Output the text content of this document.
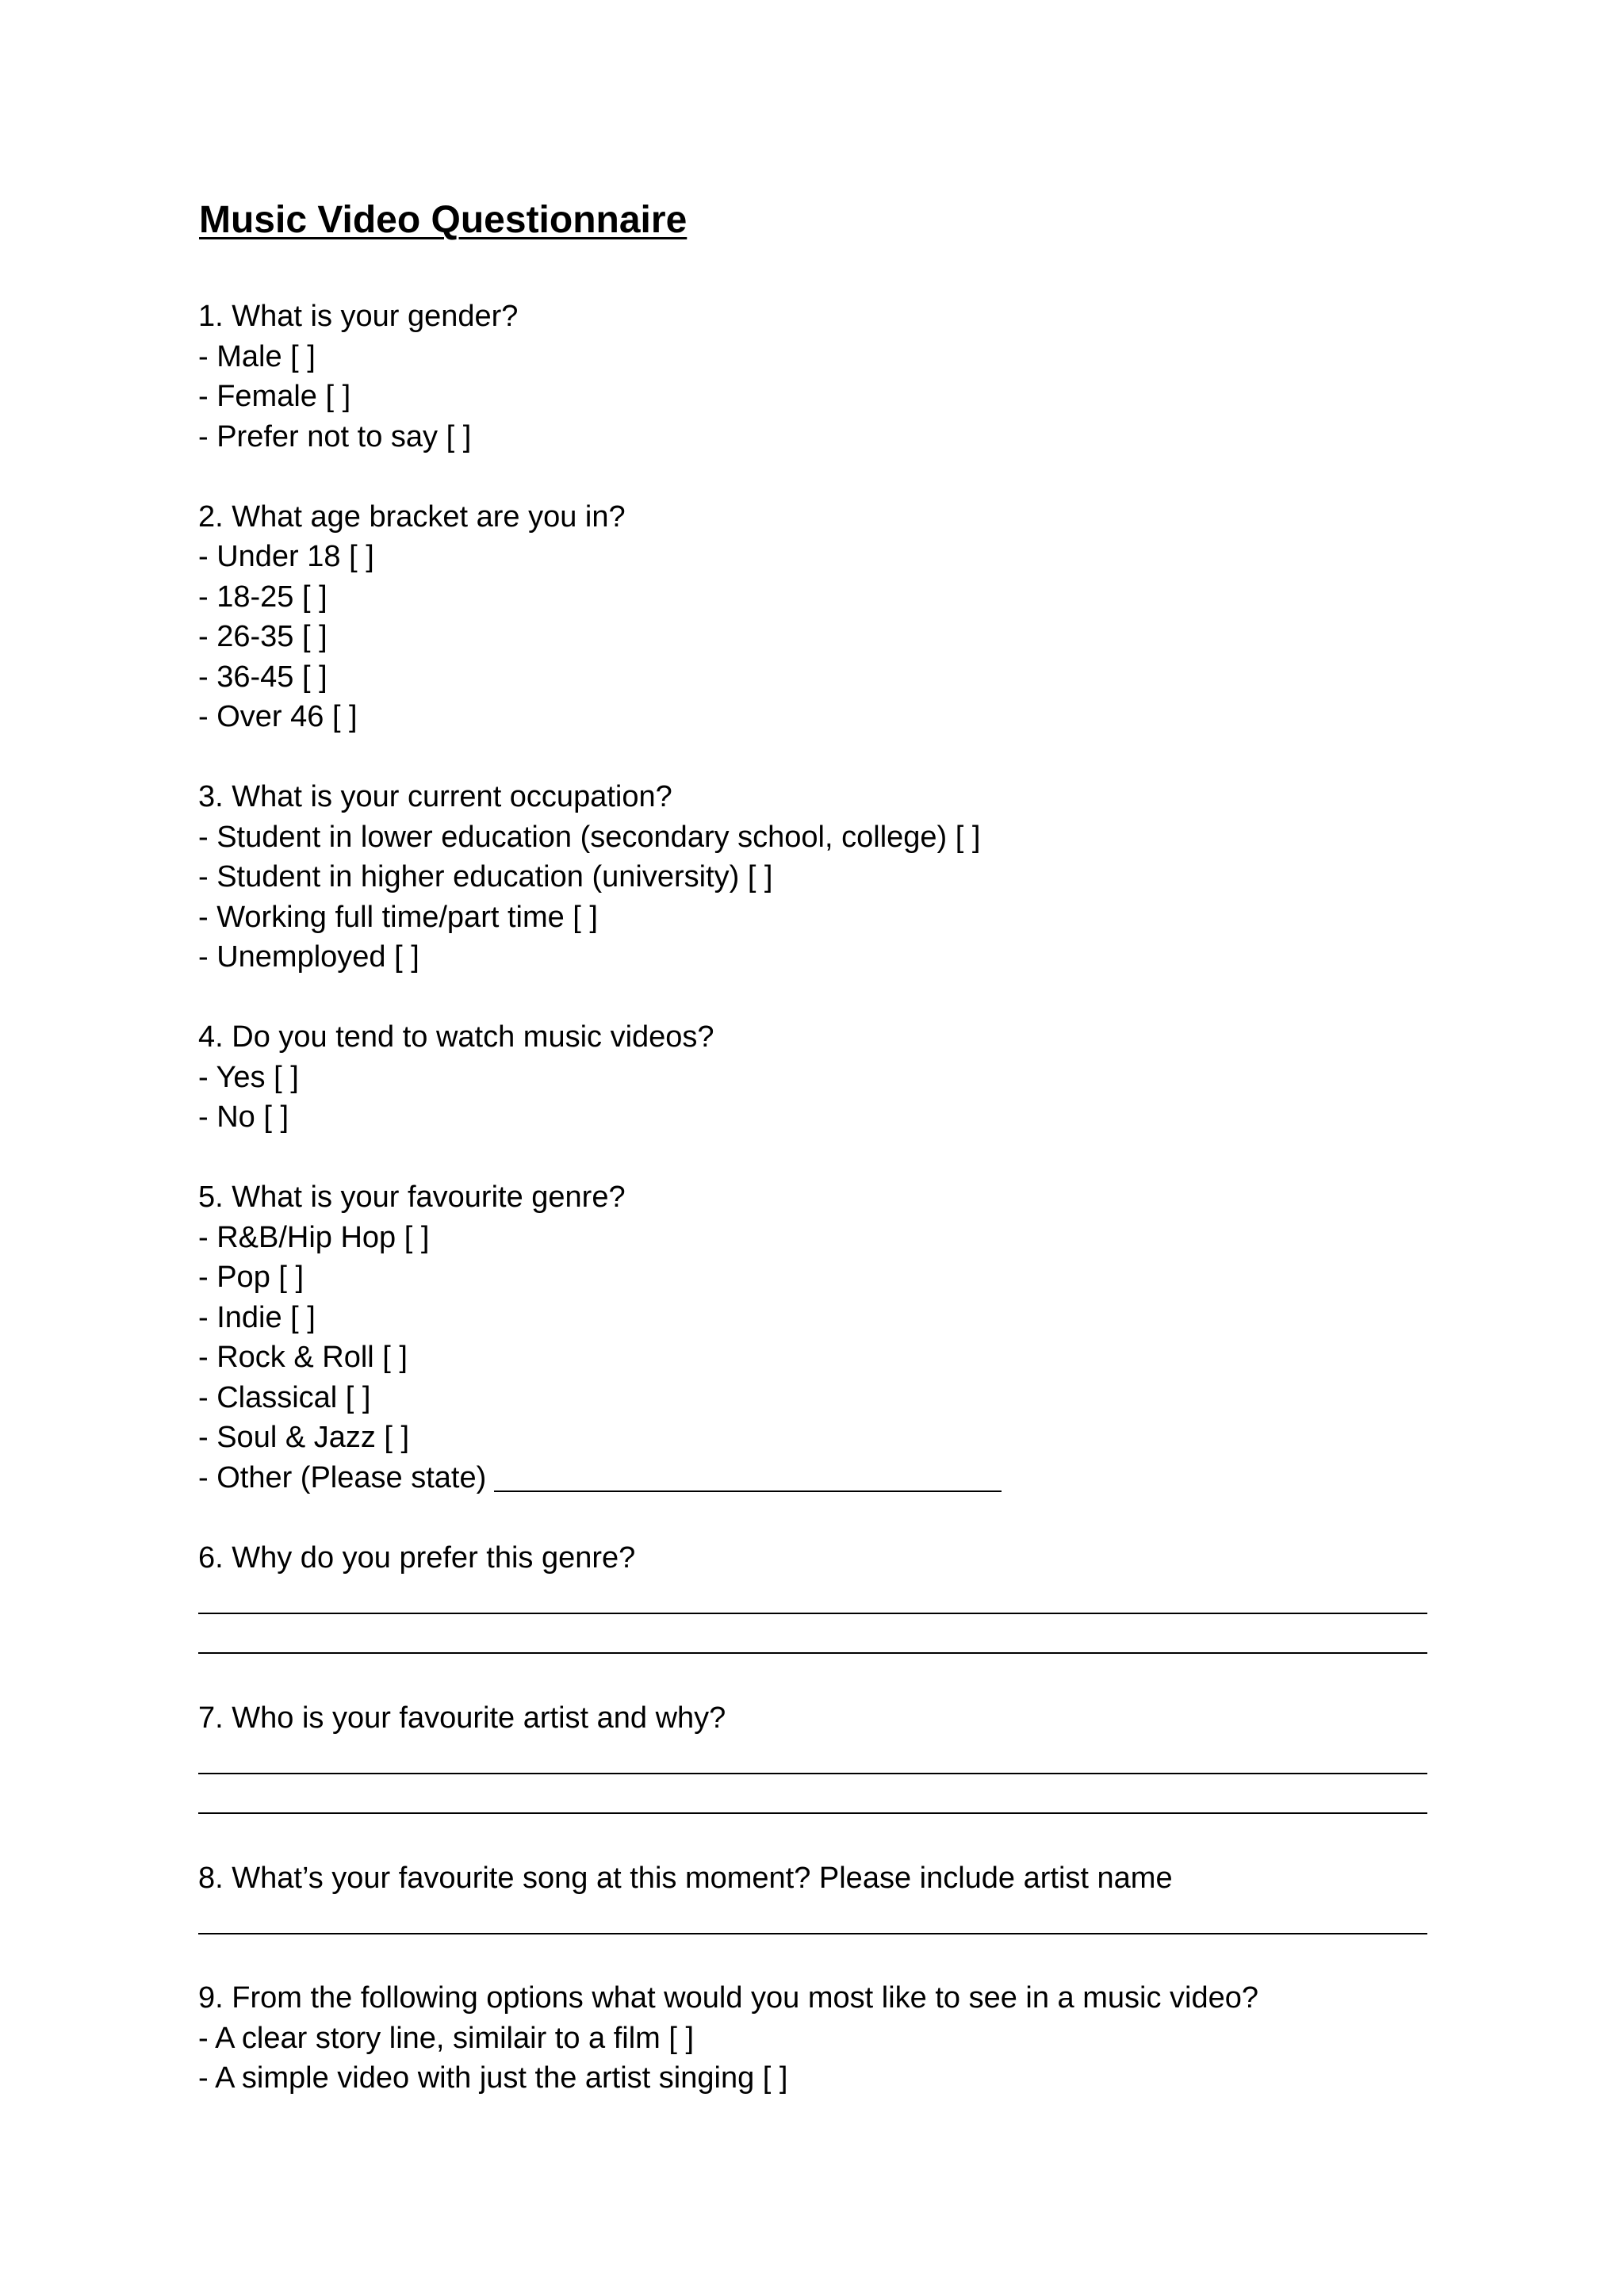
Music Video Questionnaire
1. What is your gender?
- Male [ ]
- Female [ ]
- Prefer not to say [ ]
2. What age bracket are you in?
- Under 18 [ ]
- 18-25 [ ]
- 26-35 [ ]
- 36-45 [ ]
- Over 46 [ ]
3. What is your current occupation?
- Student in lower education (secondary school, college) [ ]
- Student in higher education (university) [ ]
- Working full time/part time [ ]
- Unemployed [ ]
4. Do you tend to watch music videos?
- Yes [ ]
- No [ ]
5. What is your favourite genre?
- R&B/Hip Hop [ ]
- Pop [ ]
- Indie [ ]
- Rock & Roll [ ]
- Classical [ ]
- Soul & Jazz [ ]
- Other (Please state)
6. Why do you prefer this genre?
7. Who is your favourite artist and why?
8. What’s your favourite song at this moment? Please include artist name
9. From the following options what would you most like to see in a music video?
- A clear story line, similair to a film [ ]
- A simple video with just the artist singing [ ]
